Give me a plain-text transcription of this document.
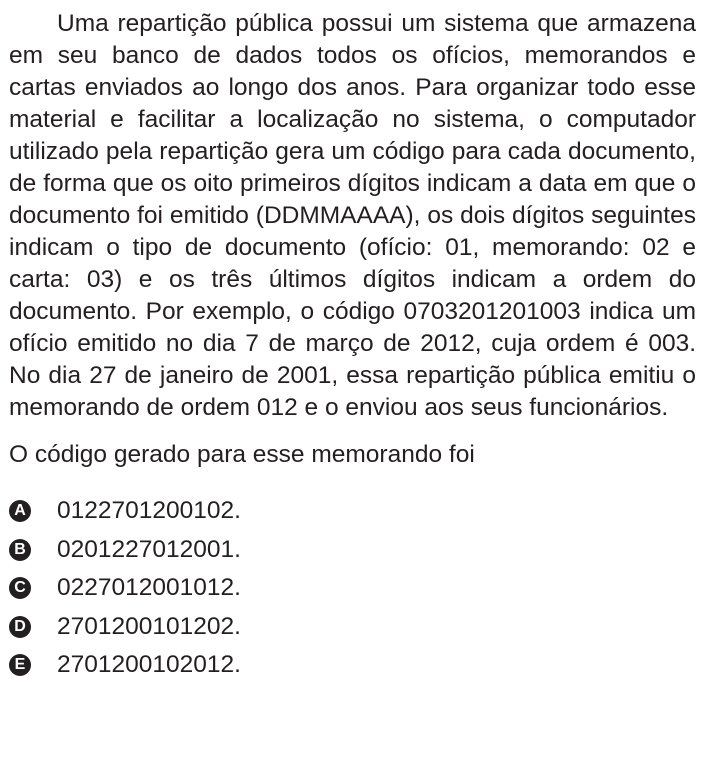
Uma repartição pública possui um sistema que armazena em seu banco de dados todos os ofícios, memorandos e cartas enviados ao longo dos anos. Para organizar todo esse material e facilitar a localização no sistema, o computador utilizado pela repartição gera um código para cada documento, de forma que os oito primeiros dígitos indicam a data em que o documento foi emitido (DDMMAAAA), os dois dígitos seguintes indicam o tipo de documento (ofício: 01, memorando: 02 e carta: 03) e os três últimos dígitos indicam a ordem do documento. Por exemplo, o código 0703201201003 indica um ofício emitido no dia 7 de março de 2012, cuja ordem é 003. No dia 27 de janeiro de 2001, essa repartição pública emitiu o memorando de ordem 012 e o enviou aos seus funcionários.

O código gerado para esse memorando foi

A 0122701200102.
B 0201227012001.
C 0227012001012.
D 2701200101202.
E 2701200102012.
